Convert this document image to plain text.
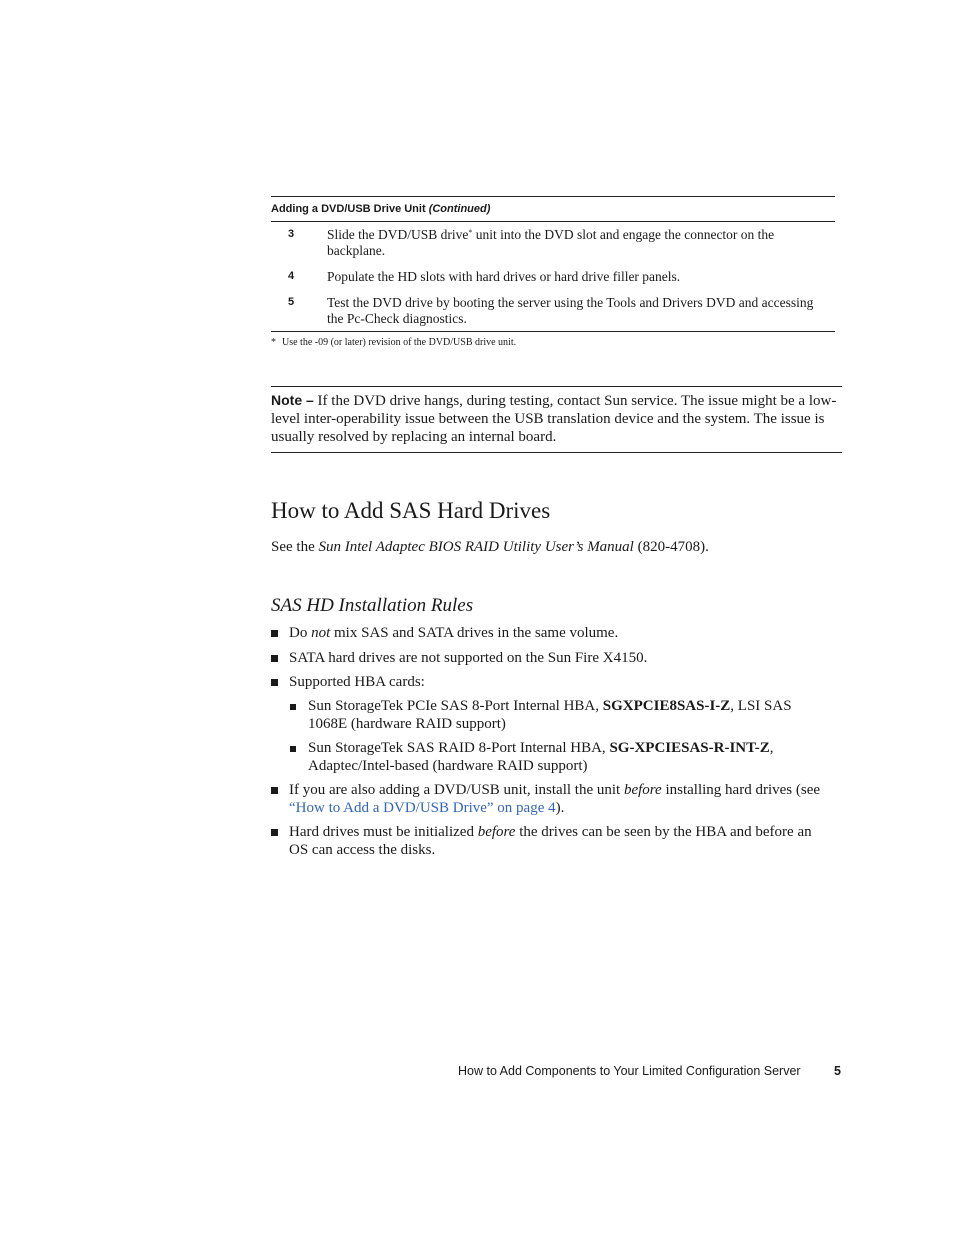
Adding a DVD/USB Drive Unit (Continued)
3 Slide the DVD/USB drive* unit into the DVD slot and engage the connector on the backplane.
4 Populate the HD slots with hard drives or hard drive filler panels.
5 Test the DVD drive by booting the server using the Tools and Drivers DVD and accessing the Pc-Check diagnostics.
* Use the -09 (or later) revision of the DVD/USB drive unit.
Note – If the DVD drive hangs, during testing, contact Sun service. The issue might be a low-level inter-operability issue between the USB translation device and the system. The issue is usually resolved by replacing an internal board.
How to Add SAS Hard Drives
See the Sun Intel Adaptec BIOS RAID Utility User’s Manual (820-4708).
SAS HD Installation Rules
Do not mix SAS and SATA drives in the same volume.
SATA hard drives are not supported on the Sun Fire X4150.
Supported HBA cards:
Sun StorageTek PCIe SAS 8-Port Internal HBA, SGXPCIE8SAS-I-Z, LSI SAS 1068E (hardware RAID support)
Sun StorageTek SAS RAID 8-Port Internal HBA, SG-XPCIESAS-R-INT-Z, Adaptec/Intel-based (hardware RAID support)
If you are also adding a DVD/USB unit, install the unit before installing hard drives (see “How to Add a DVD/USB Drive” on page 4).
Hard drives must be initialized before the drives can be seen by the HBA and before an OS can access the disks.
How to Add Components to Your Limited Configuration Server	5
